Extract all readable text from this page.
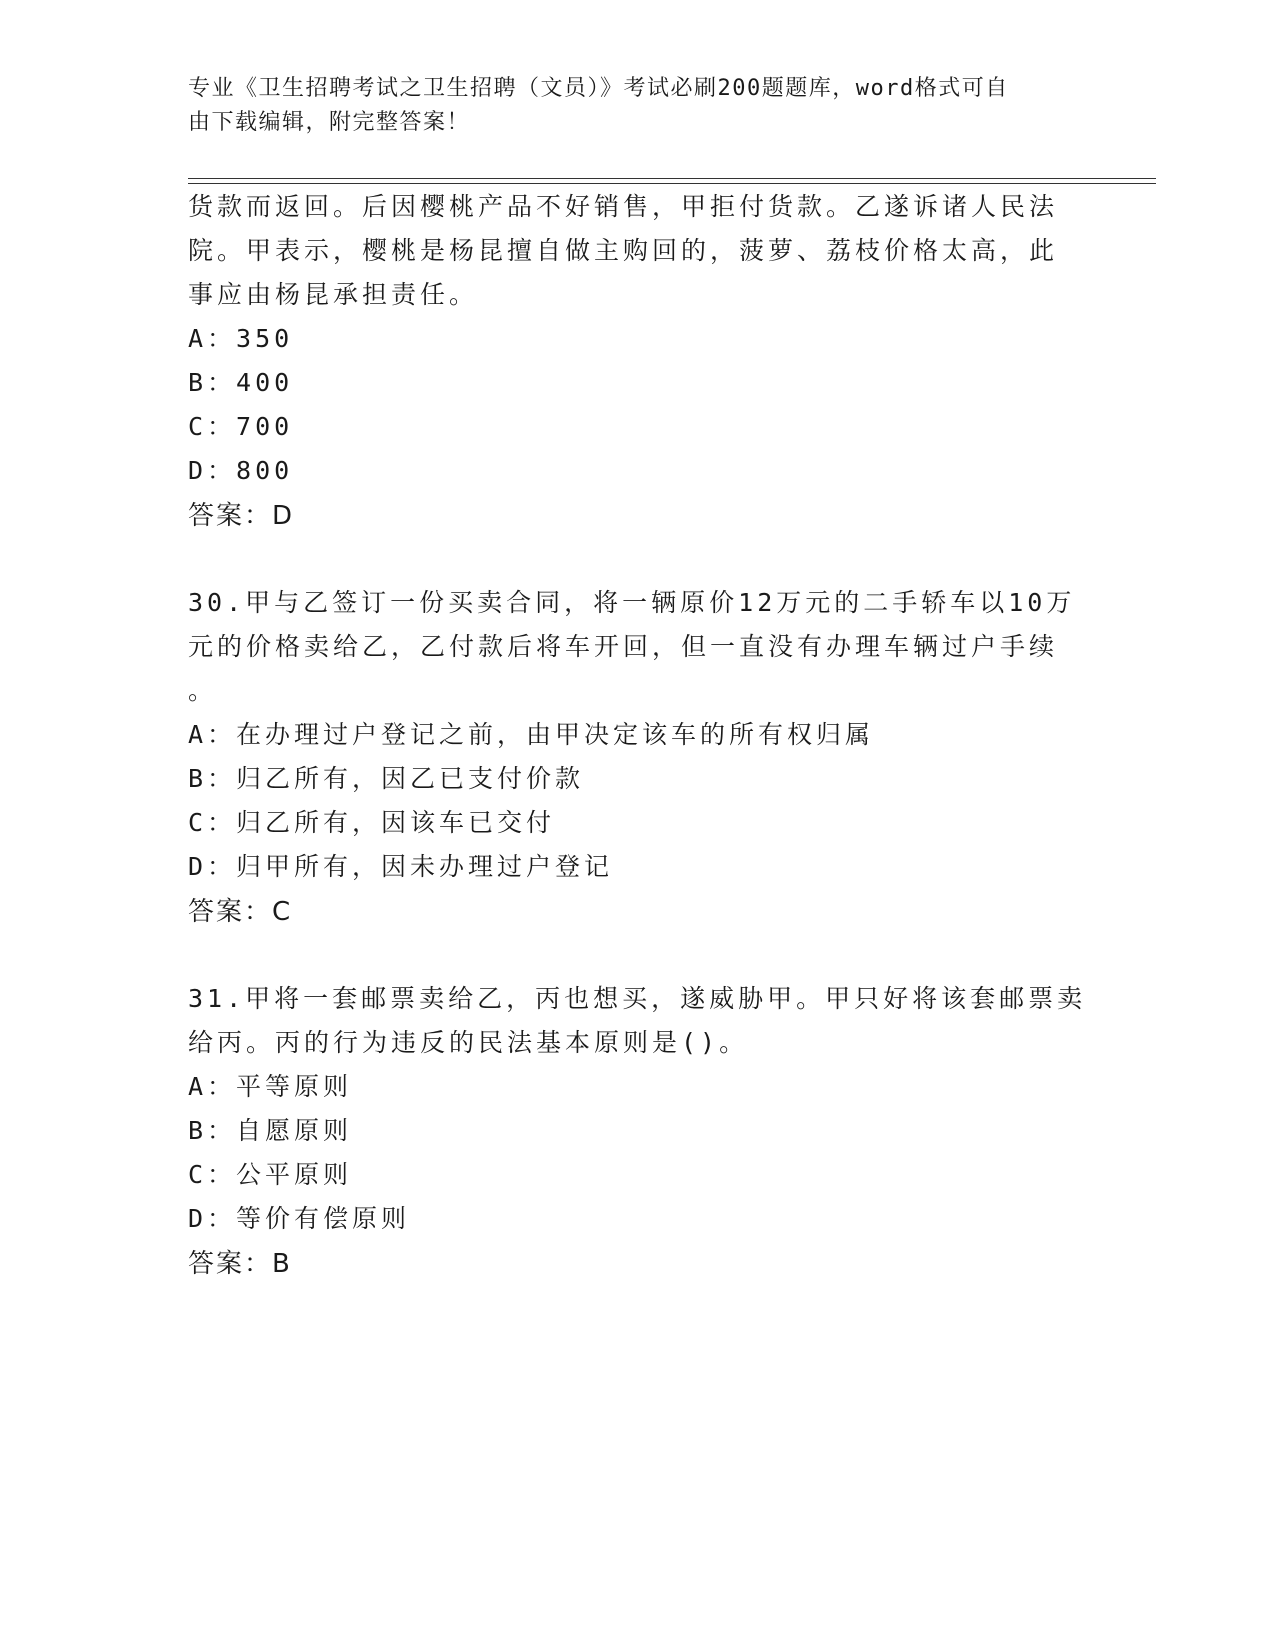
专业《卫生招聘考试之卫生招聘（文员）》考试必刷200题题库，word格式可自
由下载编辑，附完整答案！
货款而返回。后因樱桃产品不好销售，甲拒付货款。乙遂诉诸人民法
院。甲表示，樱桃是杨昆擅自做主购回的，菠萝、荔枝价格太高，此
事应由杨昆承担责任。
A：350
B：400
C：700
D：800
答案：D
30.甲与乙签订一份买卖合同，将一辆原价12万元的二手轿车以10万
元的价格卖给乙，乙付款后将车开回，但一直没有办理车辆过户手续
。
A：在办理过户登记之前，由甲决定该车的所有权归属
B：归乙所有，因乙已支付价款
C：归乙所有，因该车已交付
D：归甲所有，因未办理过户登记
答案：C
31.甲将一套邮票卖给乙，丙也想买，遂威胁甲。甲只好将该套邮票卖
给丙。丙的行为违反的民法基本原则是()。
A：平等原则
B：自愿原则
C：公平原则
D：等价有偿原则
答案：B
